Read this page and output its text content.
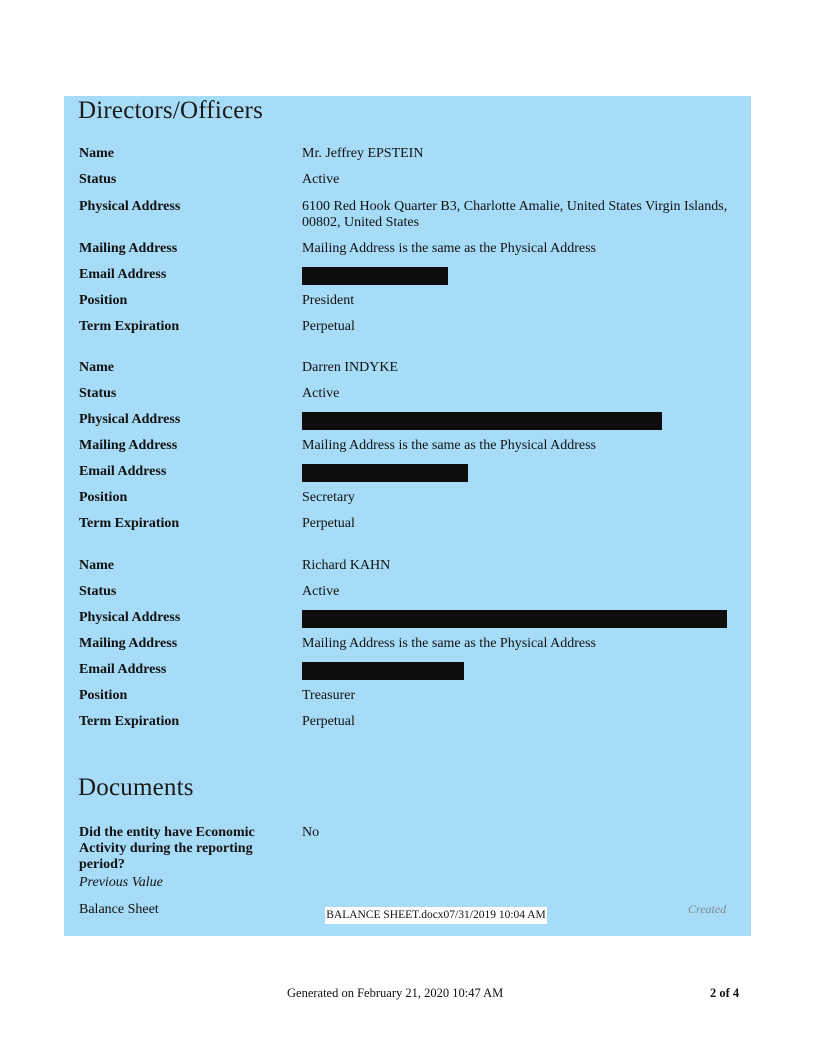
Directors/Officers
Name	Mr. Jeffrey EPSTEIN
Status	Active
Physical Address	6100 Red Hook Quarter B3, Charlotte Amalie, United States Virgin Islands, 00802, United States
Mailing Address	Mailing Address is the same as the Physical Address
Email Address
Position	President
Term Expiration	Perpetual
Name	Darren INDYKE
Status	Active
Physical Address
Mailing Address	Mailing Address is the same as the Physical Address
Email Address
Position	Secretary
Term Expiration	Perpetual
Name	Richard KAHN
Status	Active
Physical Address
Mailing Address	Mailing Address is the same as the Physical Address
Email Address
Position	Treasurer
Term Expiration	Perpetual
Documents
Did the entity have Economic Activity during the reporting period?
No
Previous Value
Balance Sheet	BALANCE SHEET.docx07/31/2019 10:04 AM	Created
Generated on February 21, 2020 10:47 AM	2 of 4
